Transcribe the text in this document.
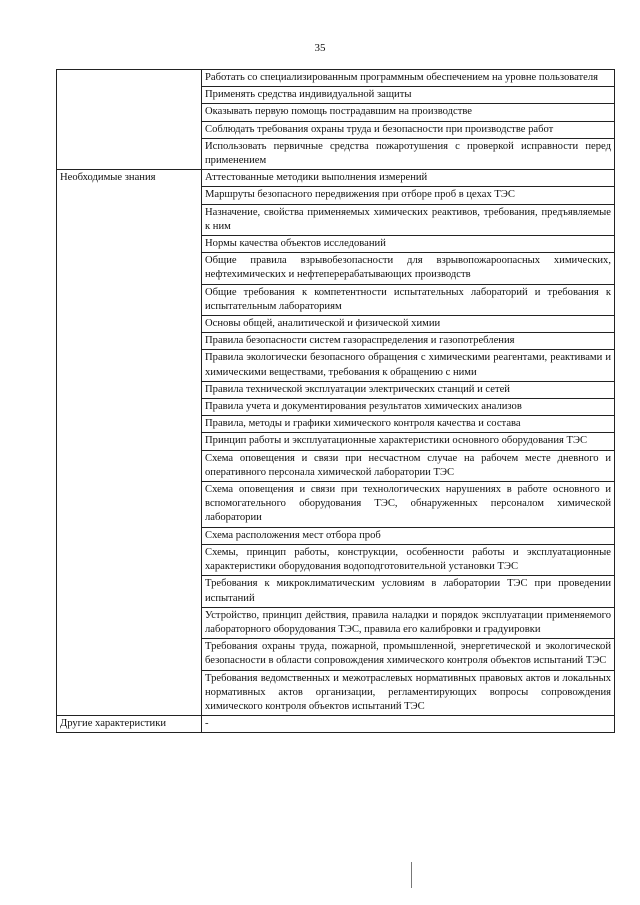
35
	Работать со специализированным программным обеспечением на уровне пользователя
	Применять средства индивидуальной защиты
	Оказывать первую помощь пострадавшим на производстве
	Соблюдать требования охраны труда и безопасности при производстве работ
	Использовать первичные средства пожаротушения с проверкой исправности перед применением
Необходимые знания	Аттестованные методики выполнения измерений
	Маршруты безопасного передвижения при отборе проб в цехах ТЭС
	Назначение, свойства применяемых химических реактивов, требования, предъявляемые к ним
	Нормы качества объектов исследований
	Общие правила взрывобезопасности для взрывопожароопасных химических, нефтехимических и нефтеперерабатывающих производств
	Общие требования к компетентности испытательных лабораторий и требования к испытательным лабораториям
	Основы общей, аналитической и физической химии
	Правила безопасности систем газораспределения и газопотребления
	Правила экологически безопасного обращения с химическими реагентами, реактивами и химическими веществами, требования к обращению с ними
	Правила технической эксплуатации электрических станций и сетей
	Правила учета и документирования результатов химических анализов
	Правила, методы и графики химического контроля качества и состава
	Принцип работы и эксплуатационные характеристики основного оборудования ТЭС
	Схема оповещения и связи при несчастном случае на рабочем месте дневного и оперативного персонала химической лаборатории ТЭС
	Схема оповещения и связи при технологических нарушениях в работе основного и вспомогательного оборудования ТЭС, обнаруженных персоналом химической лаборатории
	Схема расположения мест отбора проб
	Схемы, принцип работы, конструкции, особенности работы и эксплуатационные характеристики оборудования водоподготовительной установки ТЭС
	Требования к микроклиматическим условиям в лаборатории ТЭС при проведении испытаний
	Устройство, принцип действия, правила наладки и порядок эксплуатации применяемого лабораторного оборудования ТЭС, правила его калибровки и градуировки
	Требования охраны труда, пожарной, промышленной, энергетической и экологической безопасности в области сопровождения химического контроля объектов испытаний ТЭС
	Требования ведомственных и межотраслевых нормативных правовых актов и локальных нормативных актов организации, регламентирующих вопросы сопровождения химического контроля объектов испытаний ТЭС
Другие характеристики	-
